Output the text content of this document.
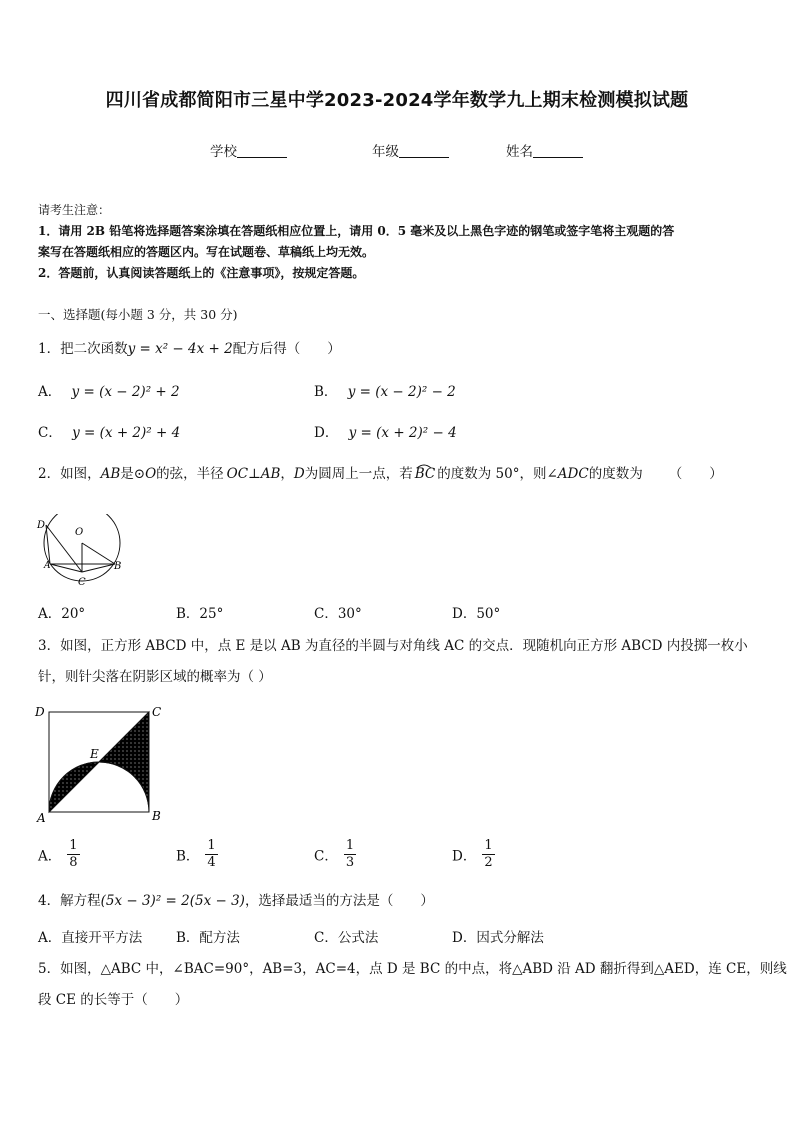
四川省成都简阳市三星中学2023-2024学年数学九上期末检测模拟试题
学校	年级	姓名
请考生注意：
1．请用 2B 铅笔将选择题答案涂填在答题纸相应位置上，请用 0．5 毫米及以上黑色字迹的钢笔或签字笔将主观题的答
案写在答题纸相应的答题区内。写在试题卷、草稿纸上均无效。
2．答题前，认真阅读答题纸上的《注意事项》，按规定答题。
一、选择题(每小题 3 分，共 30 分)
1．把二次函数y = x² − 4x + 2配方后得（　　）
A． y = (x − 2)² + 2	B． y = (x − 2)² − 2
C． y = (x + 2)² + 4	D． y = (x + 2)² − 4
2．如图，AB是⊙O的弦，半径 OC⊥AB，D为圆周上一点，若 BC 的度数为 50°，则∠ADC的度数为 （　　）
D
O
A
C
B
A．20°	B．25°	C．30°	D．50°
3．如图，正方形 ABCD 中，点 E 是以 AB 为直径的半圆与对角线 AC 的交点．现随机向正方形 ABCD 内投掷一枚小
针，则针尖落在阴影区域的概率为（ ）
D	C
E
A	B
A． $\frac{1}{8}$	B． $\frac{1}{4}$	C． $\frac{1}{3}$	D． $\frac{1}{2}$
4．解方程(5x − 3)² = 2(5x − 3)，选择最适当的方法是（　　）
A．直接开平方法	B．配方法	C．公式法	D．因式分解法
5．如图，△ABC 中，∠BAC=90°，AB=3，AC=4，点 D 是 BC 的中点，将△ABD 沿 AD 翻折得到△AED，连 CE，则线
段 CE 的长等于（　　）
